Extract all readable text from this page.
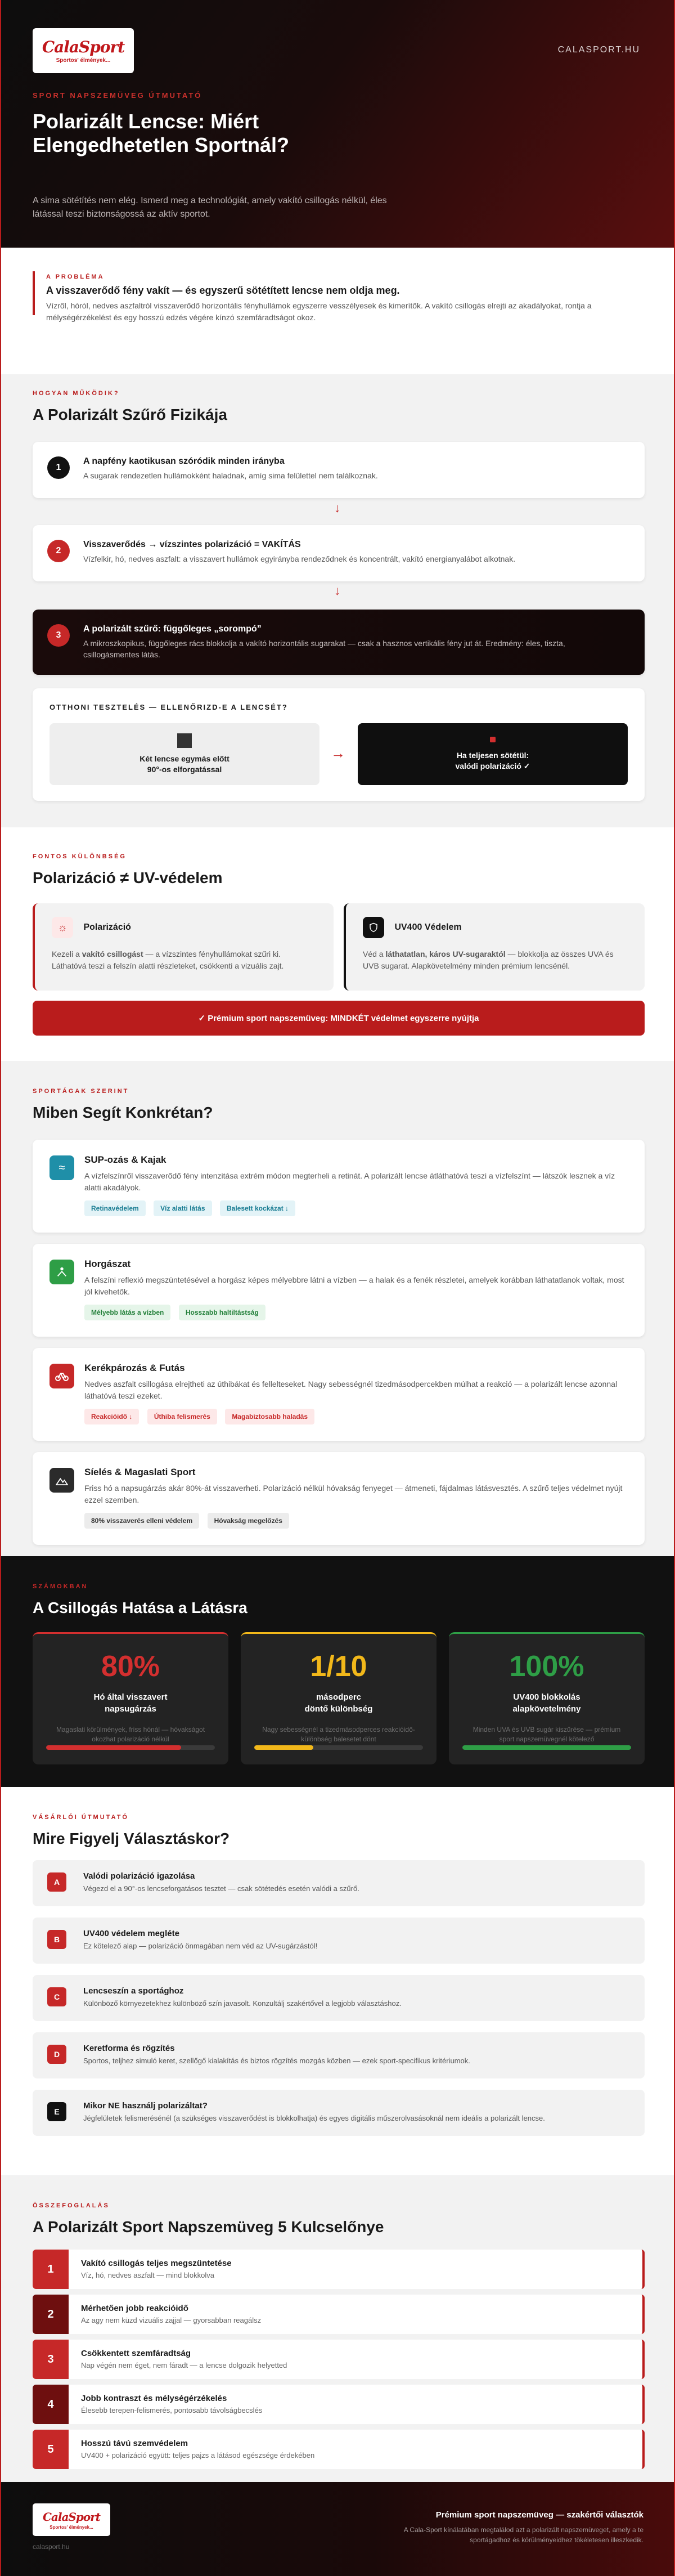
CalaSport
Sportos' élmények...
CALASPORT.HU
SPORT NAPSZEMÜVEG ÚTMUTATÓ
Polarizált Lencse: Miért Elengedhetetlen Sportnál?

A sima sötétítés nem elég. Ismerd meg a technológiát, amely vakító csillogás nélkül, éles látással teszi biztonságossá az aktív sportot.

A PROBLÉMA
A visszaverődő fény vakít — és egyszerű sötétített lencse nem oldja meg.
Vízről, hóról, nedves aszfaltról visszaverődő horizontális fényhullámok egyszerre vesszélyesek és kimerítők. A vakító csillogás elrejti az akadályokat, rontja a mélységérzékelést és egy hosszú edzés végére kínzó szemfáradtságot okoz.
HOGYAN MŰKÖDIK?
A Polarizált Szűrő Fizikája
1
A napfény kaotikusan szóródik minden irányba
A sugarak rendezetlen hullámokként haladnak, amíg sima felülettel nem találkoznak.
↓
2
Visszaverődés → vízszintes polarizáció = VAKÍTÁS
Vízfelkir, hó, nedves aszfalt: a visszavert hullámok egyirányba rendeződnek és koncentrált, vakító energianyalábot alkotnak.
↓
3
A polarizált szűrő: függőleges „sorompó”
A mikroszkopikus, függőleges rács blokkolja a vakító horizontális sugarakat — csak a hasznos vertikális fény jut át. Eredmény: éles, tiszta, csillogásmentes látás.
OTTHONI TESZTELÉS — ELLENŐRIZD-E A LENCSÉT?
Két lencse egymás előtt
90°-os elforgatással
→	Ha teljesen sötétül:
valódi polarizáció ✓
FONTOS KÜLÖNBSÉG
Polarizáció ≠ UV-védelem
☼ Polarizáció
Kezeli a vakító csillogást — a vízszintes fényhullámokat szűri ki. Láthatóvá teszi a felszín alatti részleteket, csökkenti a vizuális zajt.
UV400 Védelem
Véd a láthatatlan, káros UV-sugaraktól — blokkolja az összes UVA és UVB sugarat. Alapkövetelmény minden prémium lencsénél.
✓ Prémium sport napszemüveg: MINDKÉT védelmet egyszerre nyújtja
SPORTÁGAK SZERINT
Miben Segít Konkrétan?
≈
SUP-ozás & Kajak
A vízfelszínről visszaverődő fény intenzitása extrém módon megterheli a retinát. A polarizált lencse átláthatóvá teszi a vízfelszínt — látszók lesznek a víz alatti akadályok.
Retinavédelem	Víz alatti látás	Balesett kockázat ↓
Horgászat
A felszíni reflexió megszüntetésével a horgász képes mélyebbre látni a vízben — a halak és a fenék részletei, amelyek korábban láthatatlanok voltak, most jól kivehetők.
Mélyebb látás a vízben	Hosszabb haltiltástság
Kerékpározás & Futás
Nedves aszfalt csillogása elrejtheti az úthibákat és fellelteseket. Nagy sebességnél tizedmásodpercekben múlhat a reakció — a polarizált lencse azonnal láthatóvá teszi ezeket.
Reakcióidő ↓	Úthiba felismerés	Magabiztosabb haladás
Síelés & Magaslati Sport
Friss hó a napsugárzás akár 80%-át visszaverheti. Polarizáció nélkül hóvakság fenyeget — átmeneti, fájdalmas látásvesztés. A szűrő teljes védelmet nyújt ezzel szemben.
80% visszaverés elleni védelem	Hóvakság megelőzés
SZÁMOKBAN
A Csillogás Hatása a Látásra
80%
Hó által visszavert
napsugárzás
Magaslati körülmények, friss hónál — hóvakságot okozhat polarizáció nélkül
1/10
másodperc
döntő különbség
Nagy sebességnél a tizedmásodperces reakcióidő-különbség balesetet dönt
100%
UV400 blokkolás
alapkövetelmény
Minden UVA és UVB sugár kiszűrése — prémium sport napszemüvegnél kötelező
VÁSÁRLÓI ÚTMUTATÓ
Mire Figyelj Választáskor?
A
Valódi polarizáció igazolása
Végezd el a 90°-os lencseforgatásos tesztet — csak sötétedés esetén valódi a szűrő.
B
UV400 védelem megléte
Ez kötelező alap — polarizáció önmagában nem véd az UV-sugárzástól!
C
Lencseszín a sportághoz
Különböző környezetekhez különböző szín javasolt. Konzultálj szakértővel a legjobb választáshoz.
D
Keretforma és rögzítés
Sportos, teljhez simuló keret, szellőgő kialakítás és biztos rögzítés mozgás közben — ezek sport-specifikus kritériumok.
E
Mikor NE használj polarizáltat?
Jégfelületek felismerésénél (a szükséges visszaverődést is blokkolhatja) és egyes digitális műszerolvasásoknál nem ideális a polarizált lencse.
ÖSSZEFOGLALÁS
A Polarizált Sport Napszemüveg 5 Kulcselőnye
1	Vakító csillogás teljes megszüntetése
Víz, hó, nedves aszfalt — mind blokkolva
2	Mérhetően jobb reakcióidő
Az agy nem küzd vizuális zajjal — gyorsabban reagálsz
3	Csökkentett szemfáradtság
Nap végén nem éget, nem fáradt — a lencse dolgozik helyetted
4	Jobb kontraszt és mélységérzékelés
Élesebb terepen-felismerés, pontosabb távolságbecslés
5	Hosszú távú szemvédelem
UV400 + polarizáció együtt: teljes pajzs a látásod egészsége érdekében
CalaSport
Sportos' élmények...
calasport.hu
Prémium sport napszemüveg — szakértői választók
A Cala-Sport kínálatában megtalálod azt a polarizált napszemüveget, amely a te sportágadhoz és körülményeidhez tökéletesen illeszkedik.
